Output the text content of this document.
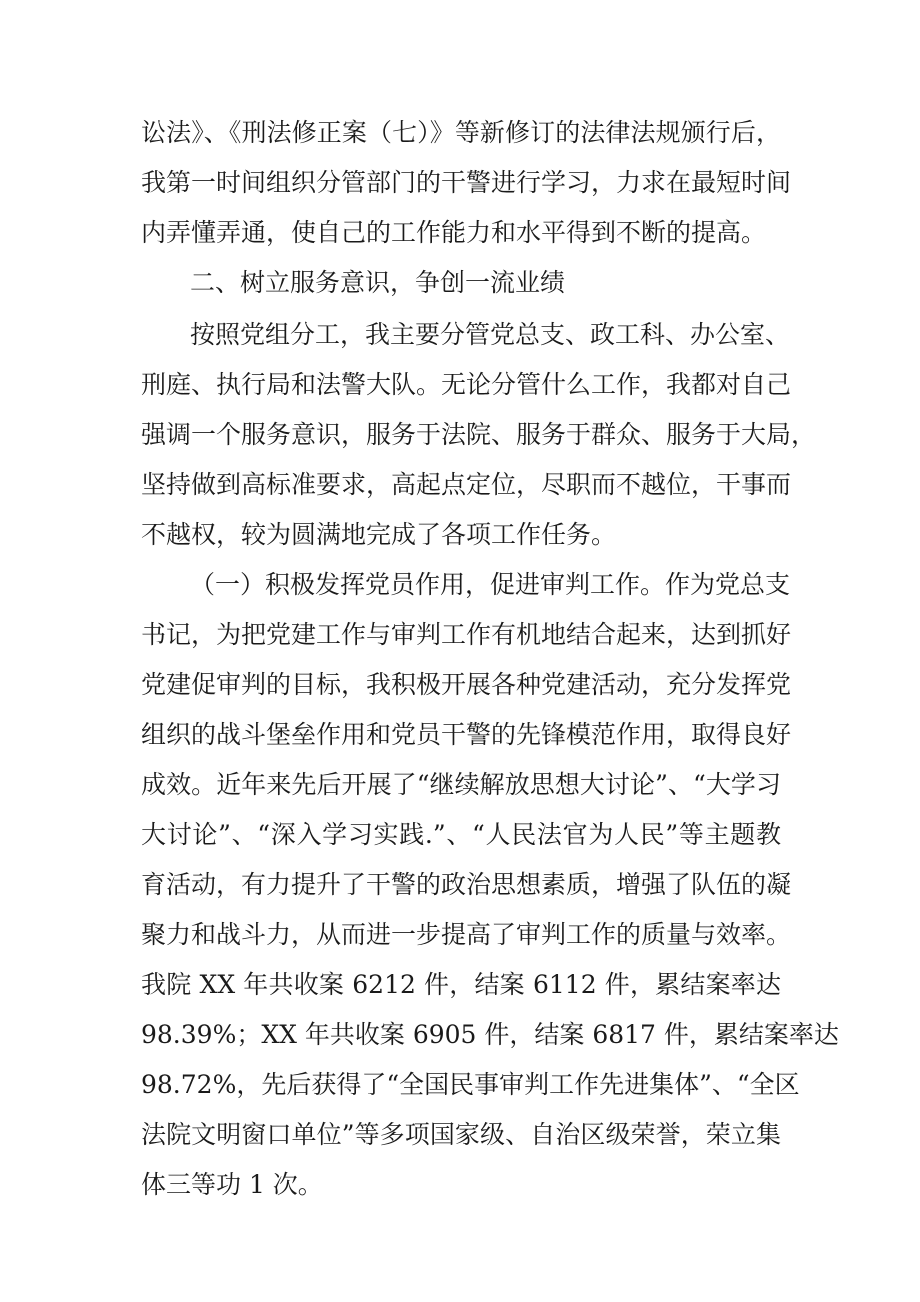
讼法》、《刑法修正案（七）》等新修订的法律法规颁行后，
我第一时间组织分管部门的干警进行学习，力求在最短时间
内弄懂弄通，使自己的工作能力和水平得到不断的提高。
二、树立服务意识，争创一流业绩
按照党组分工，我主要分管党总支、政工科、办公室、
刑庭、执行局和法警大队。无论分管什么工作，我都对自己
强调一个服务意识，服务于法院、服务于群众、服务于大局，
坚持做到高标准要求，高起点定位，尽职而不越位，干事而
不越权，较为圆满地完成了各项工作任务。
（一）积极发挥党员作用，促进审判工作。作为党总支
书记，为把党建工作与审判工作有机地结合起来，达到抓好
党建促审判的目标，我积极开展各种党建活动，充分发挥党
组织的战斗堡垒作用和党员干警的先锋模范作用，取得良好
成效。近年来先后开展了“继续解放思想大讨论”、“大学习
大讨论”、“深入学习实践.”、“人民法官为人民”等主题教
育活动，有力提升了干警的政治思想素质，增强了队伍的凝
聚力和战斗力，从而进一步提高了审判工作的质量与效率。
我院 XX 年共收案 6212 件，结案 6112 件，累结案率达
98.39%；XX 年共收案 6905 件，结案 6817 件，累结案率达
98.72%，先后获得了“全国民事审判工作先进集体”、“全区
法院文明窗口单位”等多项国家级、自治区级荣誉，荣立集
体三等功 1 次。
